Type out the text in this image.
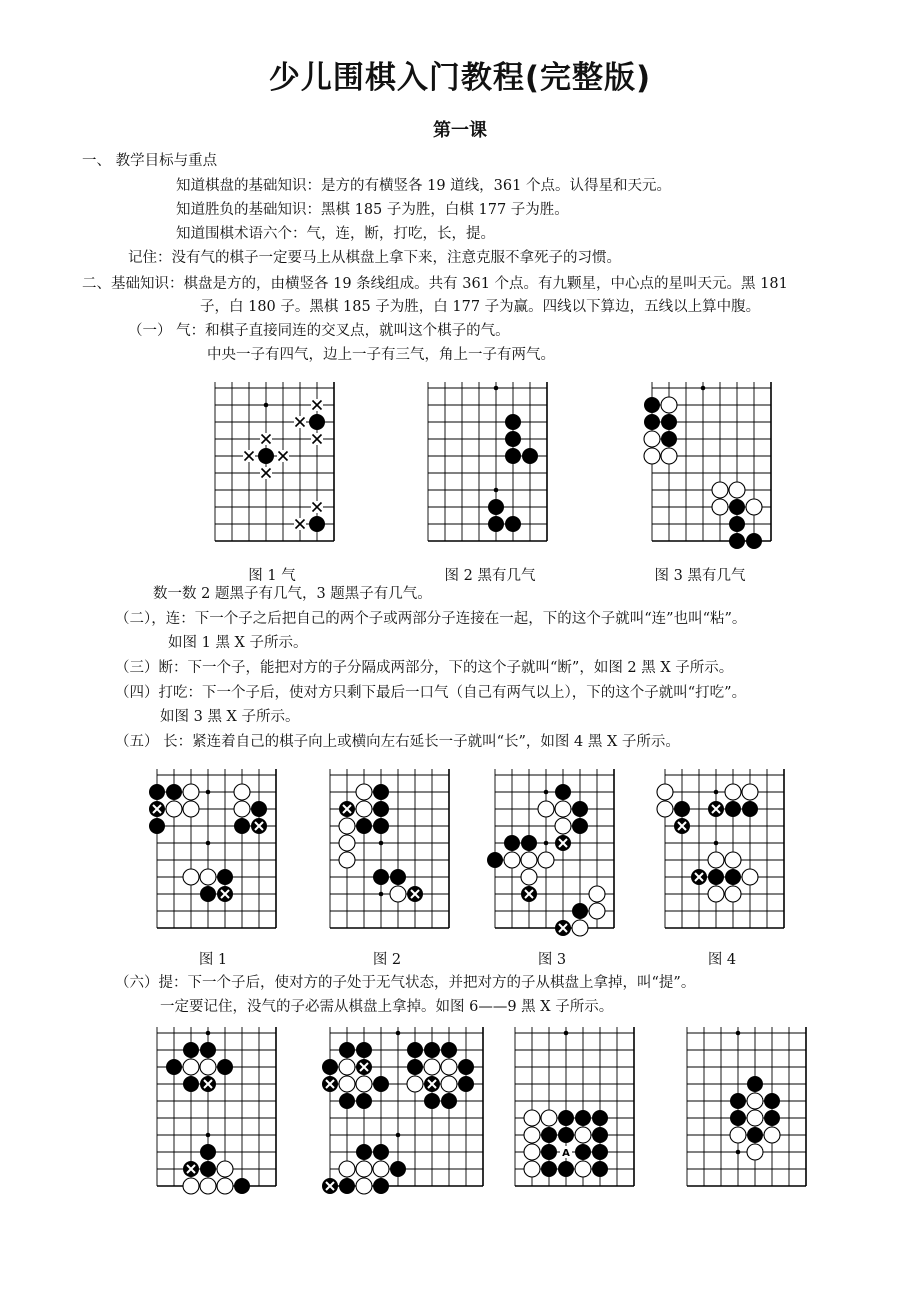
少儿围棋入门教程(完整版)
第一课
一、 教学目标与重点
知道棋盘的基础知识：是方的有横竖各 19 道线，361 个点。认得星和天元。
知道胜负的基础知识：黑棋 185 子为胜，白棋 177 子为胜。
知道围棋术语六个：气，连，断，打吃，长，提。
记住：没有气的棋子一定要马上从棋盘上拿下来，注意克服不拿死子的习惯。
二、基础知识：棋盘是方的，由横竖各 19 条线组成。共有 361 个点。有九颗星，中心点的星叫天元。黑 181
子，白 180 子。黑棋 185 子为胜，白 177 子为赢。四线以下算边，五线以上算中腹。
（一） 气：和棋子直接同连的交叉点，就叫这个棋子的气。
中央一子有四气，边上一子有三气，角上一子有两气。
图 1 气	图 2 黑有几气	图 3 黑有几气
数一数 2 题黑子有几气，3 题黑子有几气。
（二），连：下一个子之后把自己的两个子或两部分子连接在一起，下的这个子就叫“连”也叫“粘”。
如图 1 黑 X 子所示。
（三）断：下一个子，能把对方的子分隔成两部分，下的这个子就叫“断”，如图 2 黑 X 子所示。
（四）打吃：下一个子后，使对方只剩下最后一口气（自己有两气以上），下的这个子就叫“打吃”。
如图 3 黑 X 子所示。
（五） 长：紧连着自己的棋子向上或横向左右延长一子就叫“长”，如图 4 黑 X 子所示。
图 1	图 2	图 3	图 4
（六）提：下一个子后，使对方的子处于无气状态，并把对方的子从棋盘上拿掉，叫“提”。
一定要记住，没气的子必需从棋盘上拿掉。如图 6——9 黑 X 子所示。
A
